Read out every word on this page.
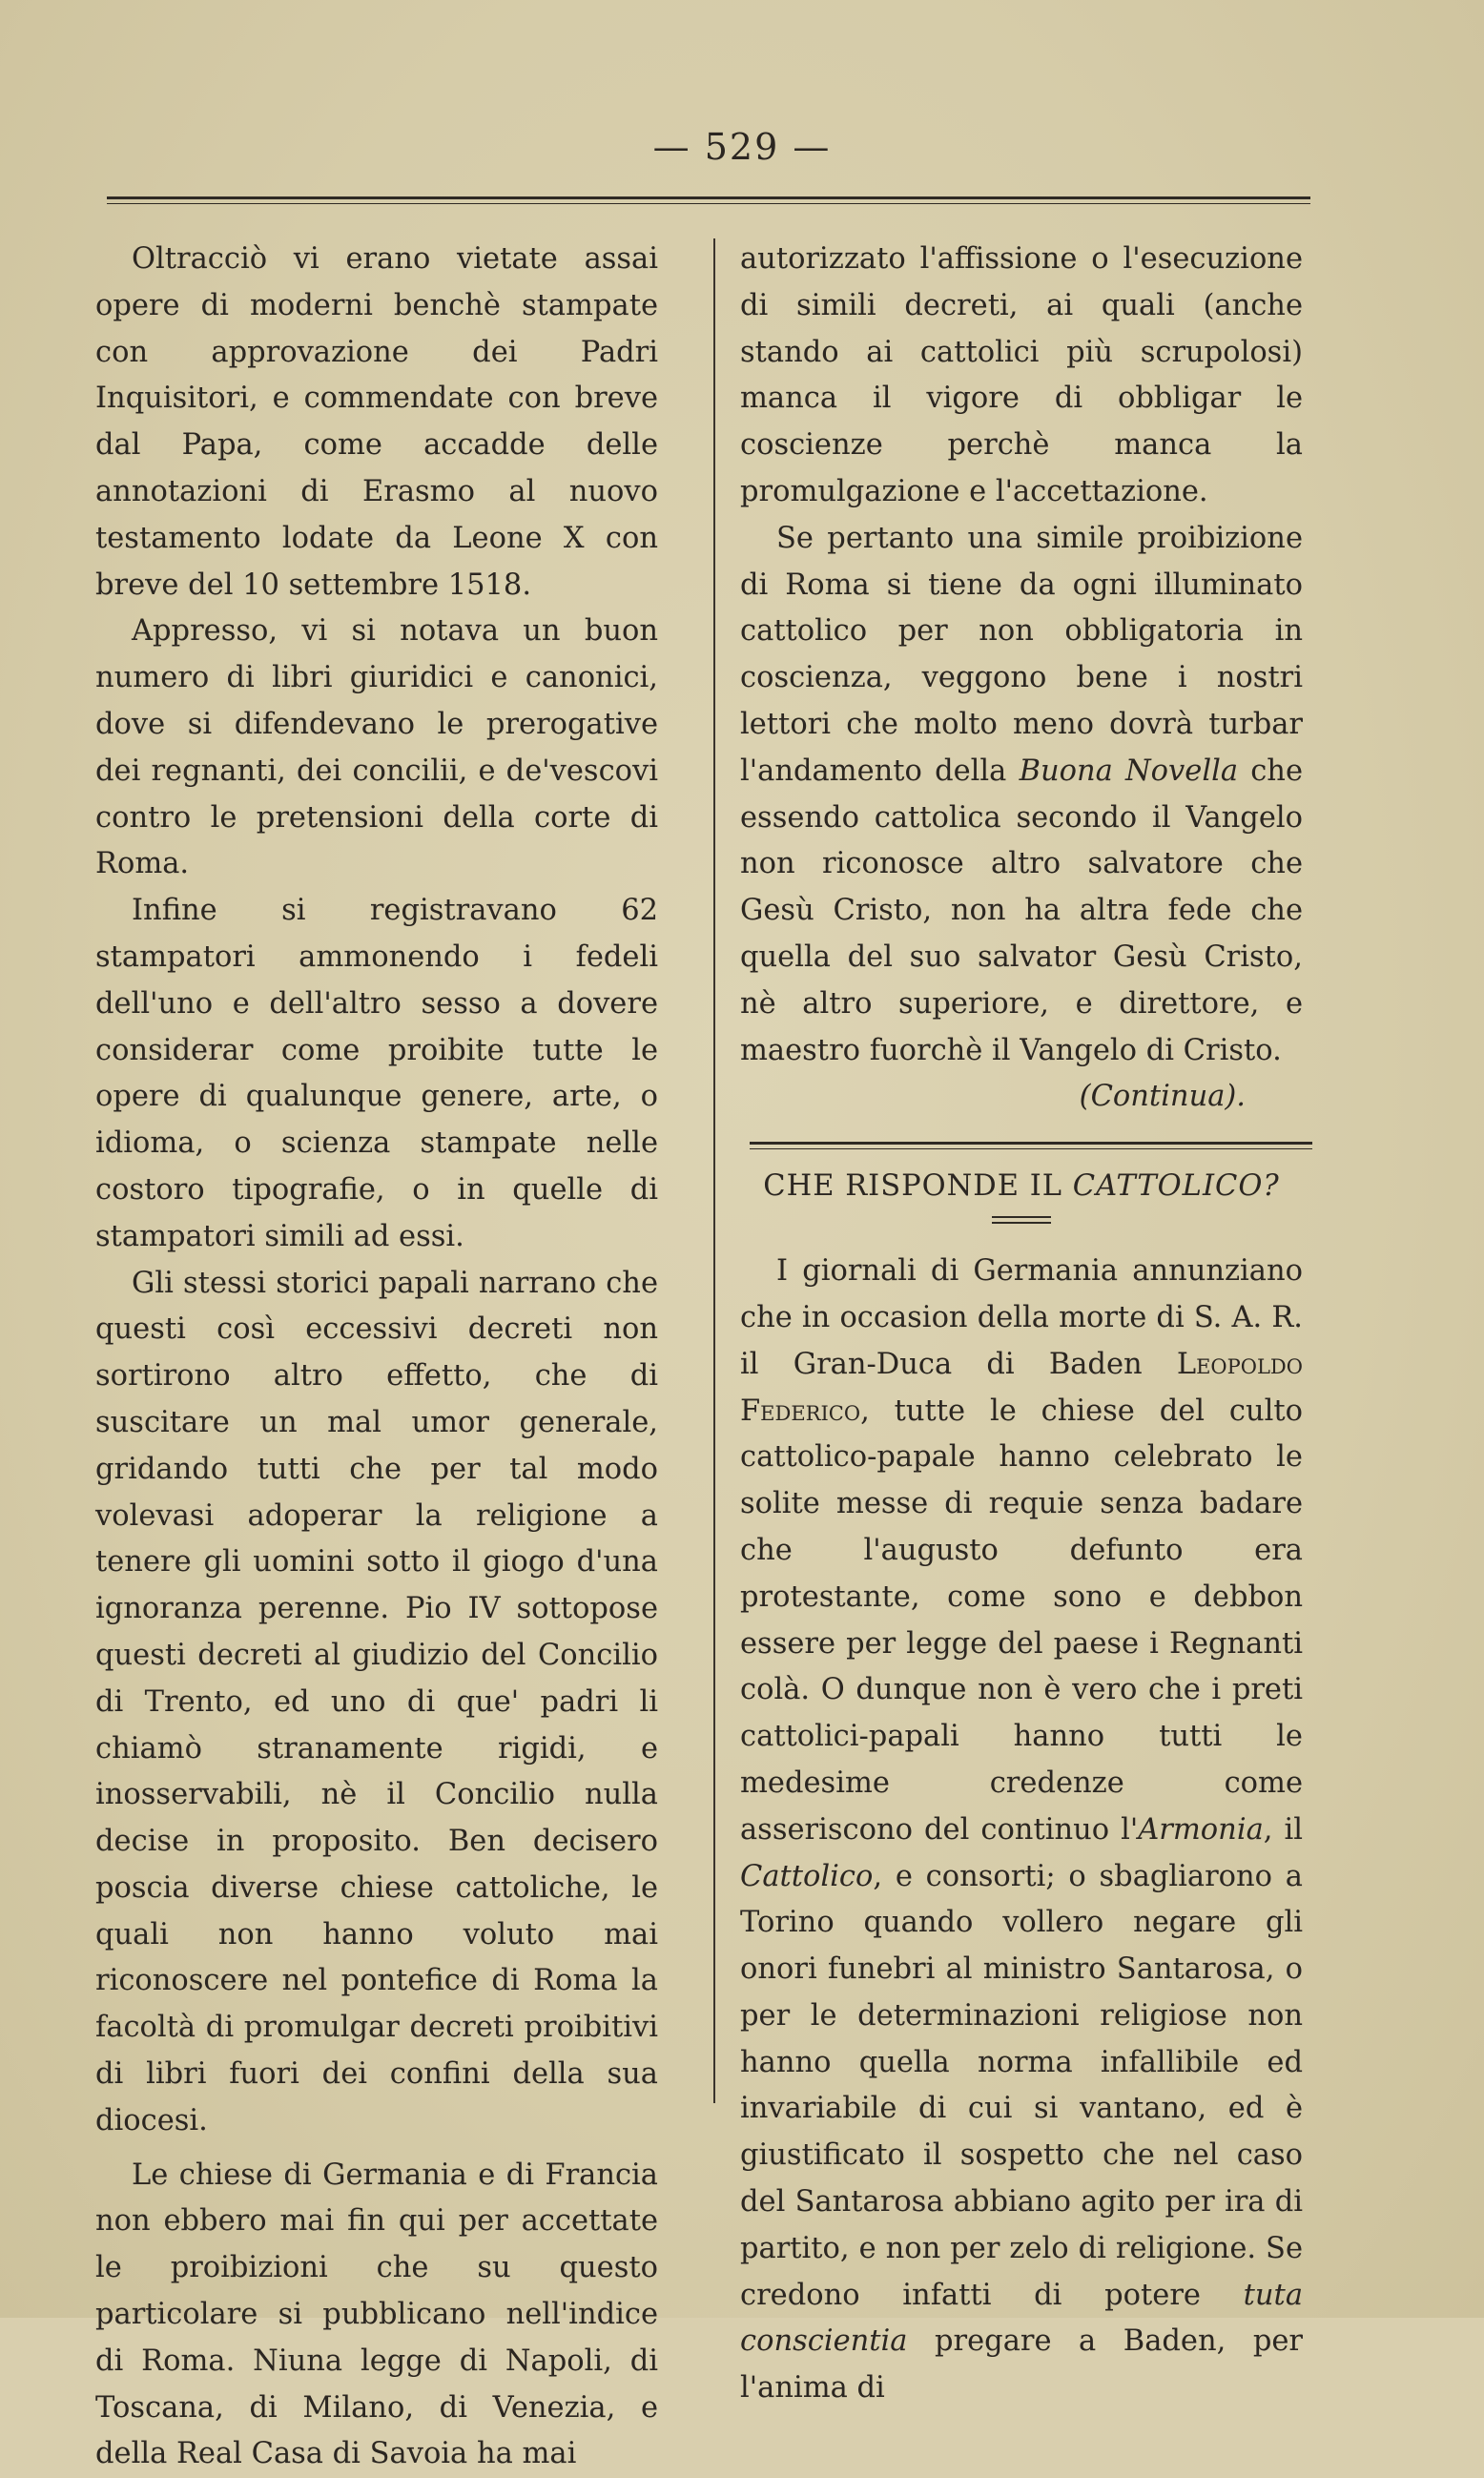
— 529 —

Oltracciò vi erano vietate assai opere di moderni benchè stampate con approvazione dei Padri Inquisitori, e commendate con breve dal Papa, come accadde delle annotazioni di Erasmo al nuovo testamento lodate da Leone X con breve del 10 settembre 1518.

Appresso, vi si notava un buon numero di libri giuridici e canonici, dove si difendevano le prerogative dei regnanti, dei concilii, e de'vescovi contro le pretensioni della corte di Roma.

Infine si registravano 62 stampatori ammonendo i fedeli dell'uno e dell'altro sesso a dovere considerar come proibite tutte le opere di qualunque genere, arte, o idioma, o scienza stampate nelle costoro tipografie, o in quelle di stampatori simili ad essi.

Gli stessi storici papali narrano che questi così eccessivi decreti non sortirono altro effetto, che di suscitare un mal umor generale, gridando tutti che per tal modo volevasi adoperar la religione a tenere gli uomini sotto il giogo d'una ignoranza perenne. Pio IV sottopose questi decreti al giudizio del Concilio di Trento, ed uno di que' padri li chiamò stranamente rigidi, e inosservabili, nè il Concilio nulla decise in proposito. Ben decisero poscia diverse chiese cattoliche, le quali non hanno voluto mai riconoscere nel pontefice di Roma la facoltà di promulgar decreti proibitivi di libri fuori dei confini della sua diocesi.

Le chiese di Germania e di Francia non ebbero mai fin qui per accettate le proibizioni che su questo particolare si pubblicano nell'indice di Roma. Niuna legge di Napoli, di Toscana, di Milano, di Venezia, e della Real Casa di Savoia ha mai

autorizzato l'affissione o l'esecuzione di simili decreti, ai quali (anche stando ai cattolici più scrupolosi) manca il vigore di obbligar le coscienze perchè manca la promulgazione e l'accettazione.

Se pertanto una simile proibizione di Roma si tiene da ogni illuminato cattolico per non obbligatoria in coscienza, veggono bene i nostri lettori che molto meno dovrà turbar l'andamento della Buona Novella che essendo cattolica secondo il Vangelo non riconosce altro salvatore che Gesù Cristo, non ha altra fede che quella del suo salvator Gesù Cristo, nè altro superiore, e direttore, e maestro fuorchè il Vangelo di Cristo.

(Continua).

CHE RISPONDE IL CATTOLICO?

I giornali di Germania annunziano che in occasion della morte di S. A. R. il Gran-Duca di Baden Leopoldo Federico, tutte le chiese del culto cattolico-papale hanno celebrato le solite messe di requie senza badare che l'augusto defunto era protestante, come sono e debbon essere per legge del paese i Regnanti colà. O dunque non è vero che i preti cattolici-papali hanno tutti le medesime credenze come asseriscono del continuo l'Armonia, il Cattolico, e consorti; o sbagliarono a Torino quando vollero negare gli onori funebri al ministro Santarosa, o per le determinazioni religiose non hanno quella norma infallibile ed invariabile di cui si vantano, ed è giustificato il sospetto che nel caso del Santarosa abbiano agito per ira di partito, e non per zelo di religione. Se credono infatti di potere tuta conscientia pregare a Baden, per l'anima di
